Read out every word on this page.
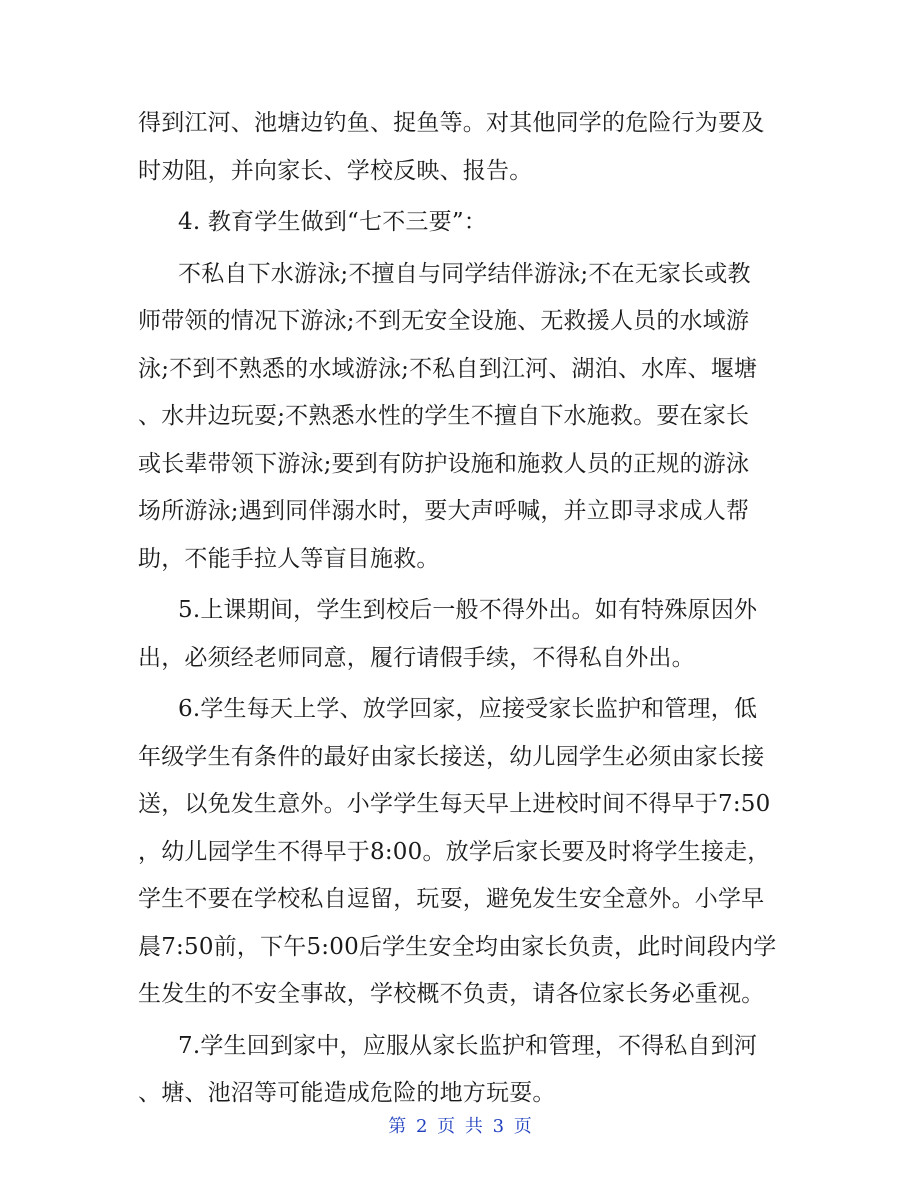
得到江河、池塘边钓鱼、捉鱼等。对其他同学的危险行为要及
时劝阻，并向家长、学校反映、报告。
4. 教育学生做到“七不三要”：
不私自下水游泳;不擅自与同学结伴游泳;不在无家长或教
师带领的情况下游泳;不到无安全设施、无救援人员的水域游
泳;不到不熟悉的水域游泳;不私自到江河、湖泊、水库、堰塘
、水井边玩耍;不熟悉水性的学生不擅自下水施救。要在家长
或长辈带领下游泳;要到有防护设施和施救人员的正规的游泳
场所游泳;遇到同伴溺水时，要大声呼喊，并立即寻求成人帮
助，不能手拉人等盲目施救。
5.上课期间，学生到校后一般不得外出。如有特殊原因外
出，必须经老师同意，履行请假手续，不得私自外出。
6.学生每天上学、放学回家，应接受家长监护和管理，低
年级学生有条件的最好由家长接送，幼儿园学生必须由家长接
送，以免发生意外。小学学生每天早上进校时间不得早于7:50
，幼儿园学生不得早于8:00。放学后家长要及时将学生接走，
学生不要在学校私自逗留，玩耍，避免发生安全意外。小学早
晨7:50前，下午5:00后学生安全均由家长负责，此时间段内学
生发生的不安全事故，学校概不负责，请各位家长务必重视。
7.学生回到家中，应服从家长监护和管理，不得私自到河
、塘、池沼等可能造成危险的地方玩耍。
第 2 页 共 3 页
